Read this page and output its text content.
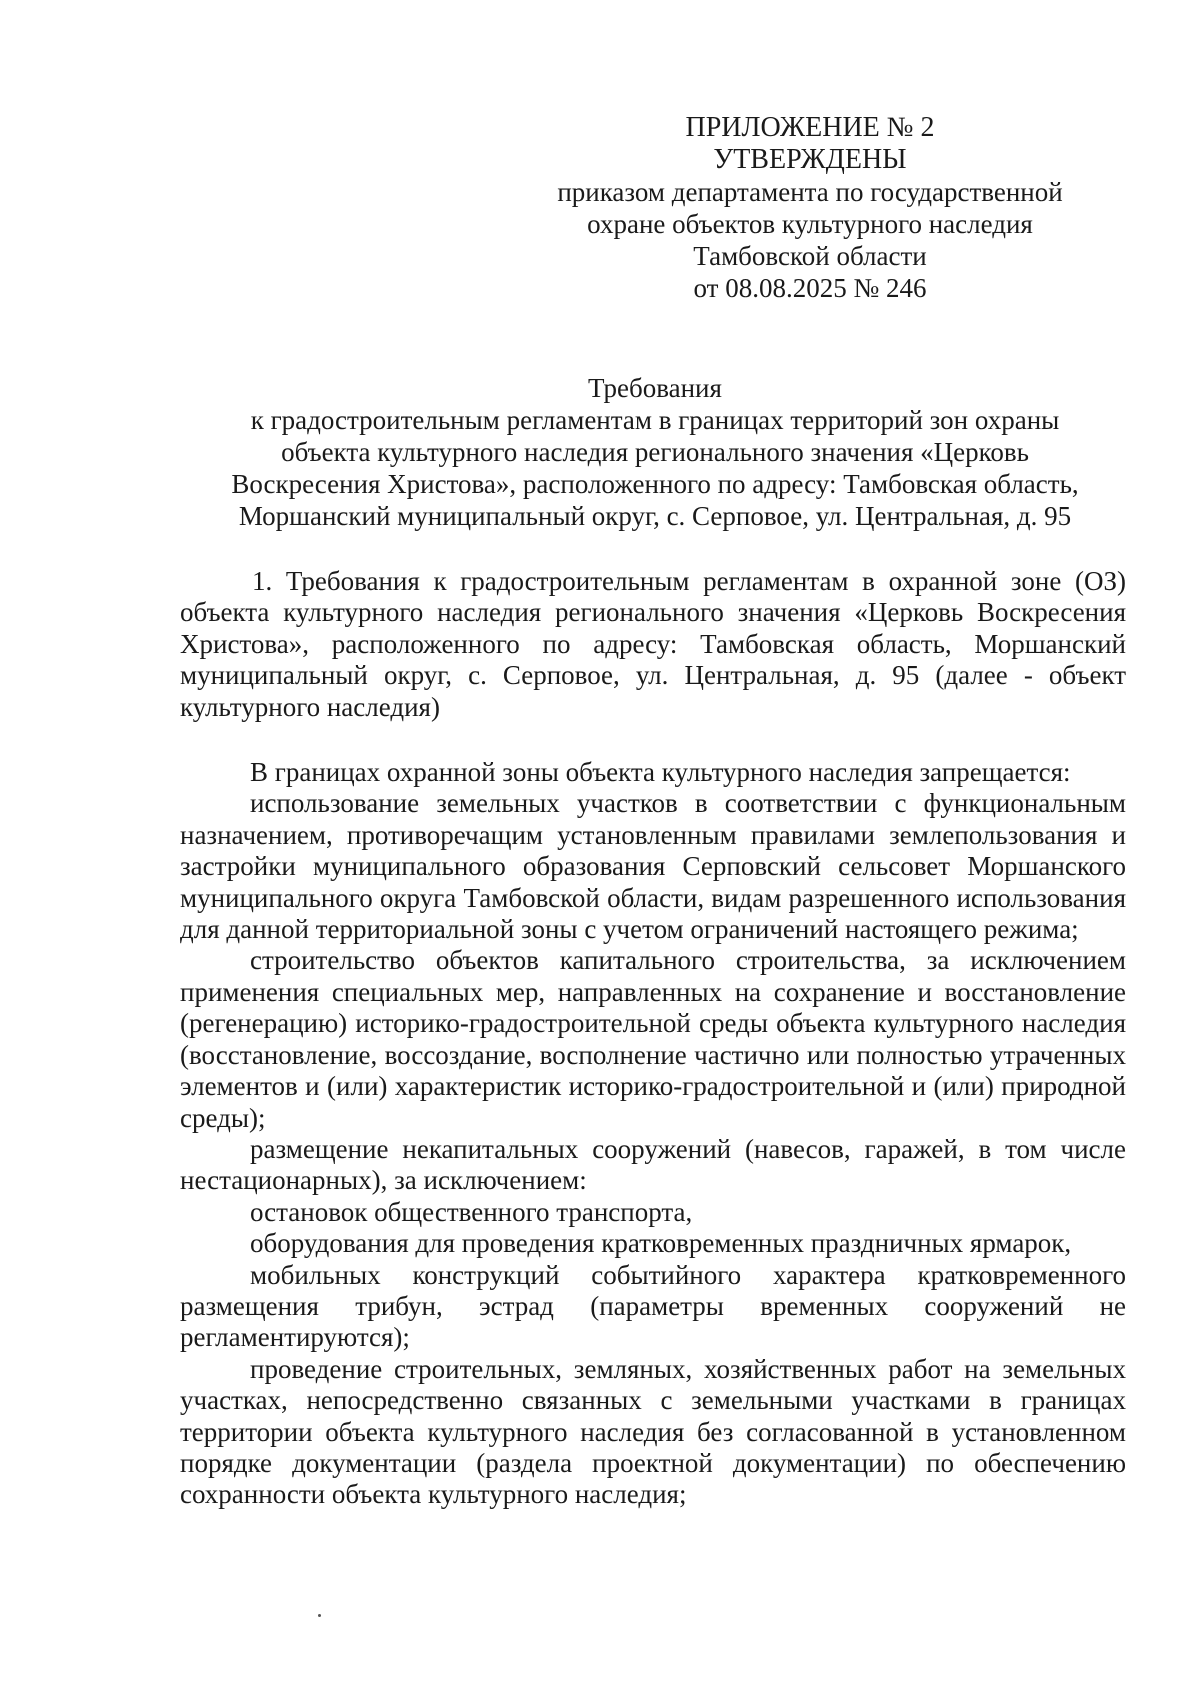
ПРИЛОЖЕНИЕ № 2
УТВЕРЖДЕНЫ
приказом департамента по государственной
охране объектов культурного наследия
Тамбовской области
от 08.08.2025 № 246
Требования
к градостроительным регламентам в границах территорий зон охраны
объекта культурного наследия регионального значения «Церковь
Воскресения Христова», расположенного по адресу: Тамбовская область,
Моршанский муниципальный округ, с. Серповое, ул. Центральная, д. 95

1. Требования к градостроительным регламентам в охранной зоне (ОЗ) объекта культурного наследия регионального значения «Церковь Воскресения Христова», расположенного по адресу: Тамбовская область, Моршанский муниципальный округ, с. Серповое, ул. Центральная, д. 95 (далее - объект культурного наследия)

В границах охранной зоны объекта культурного наследия запрещается:

использование земельных участков в соответствии с функциональным назначением, противоречащим установленным правилами землепользования и застройки муниципального образования Серповский сельсовет Моршанского муниципального округа Тамбовской области, видам разрешенного использования для данной территориальной зоны с учетом ограничений настоящего режима;

строительство объектов капитального строительства, за исключением применения специальных мер, направленных на сохранение и восстановление (регенерацию) историко-градостроительной среды объекта культурного наследия (восстановление, воссоздание, восполнение частично или полностью утраченных элементов и (или) характеристик историко-градостроительной и (или) природной среды);

размещение некапитальных сооружений (навесов, гаражей, в том числе нестационарных), за исключением:

остановок общественного транспорта,

оборудования для проведения кратковременных праздничных ярмарок,

мобильных конструкций событийного характера кратковременного размещения трибун, эстрад (параметры временных сооружений не регламентируются);

проведение строительных, земляных, хозяйственных работ на земельных участках, непосредственно связанных с земельными участками в границах территории объекта культурного наследия без согласованной в установленном порядке документации (раздела проектной документации) по обеспечению сохранности объекта культурного наследия;
